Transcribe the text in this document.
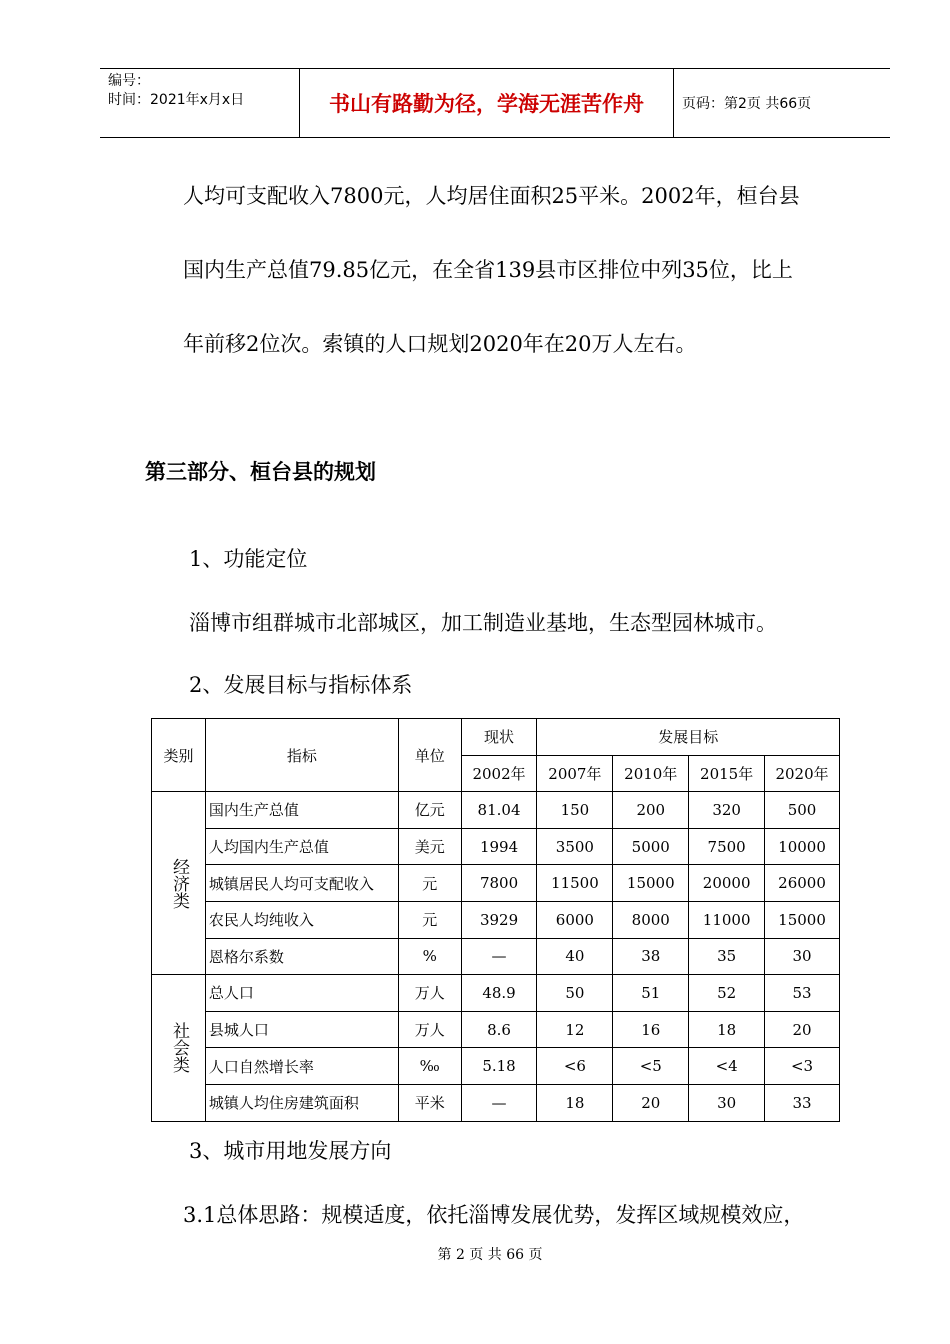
编号：
时间：2021年x月x日	书山有路勤为径，学海无涯苦作舟	页码：第2页 共66页
人均可支配收入7800元，人均居住面积25平米。2002年，桓台县
国内生产总值79.85亿元，在全省139县市区排位中列35位，比上
年前移2位次。索镇的人口规划2020年在20万人左右。
第三部分、桓台县的规划
1、功能定位
淄博市组群城市北部城区，加工制造业基地，生态型园林城市。
2、发展目标与指标体系
类别	指标	单位	现状	发展目标			
			2002年	2007年	2010年	2015年	2020年

经济类	国内生产总值	亿元	81.04	150	200	320	500
	人均国内生产总值	美元	1994	3500	5000	7500	10000
	城镇居民人均可支配收入	元	7800	11500	15000	20000	26000
	农民人均纯收入	元	3929	6000	8000	11000	15000
	恩格尔系数	%	—	40	38	35	30

社会类	总人口	万人	48.9	50	51	52	53
	县城人口	万人	8.6	12	16	18	20
	人口自然增长率	‰	5.18	<6	<5	<4	<3
	城镇人均住房建筑面积	平米	—	18	20	30	33
3、城市用地发展方向
3.1总体思路：规模适度，依托淄博发展优势，发挥区域规模效应，
第 2 页 共 66 页
